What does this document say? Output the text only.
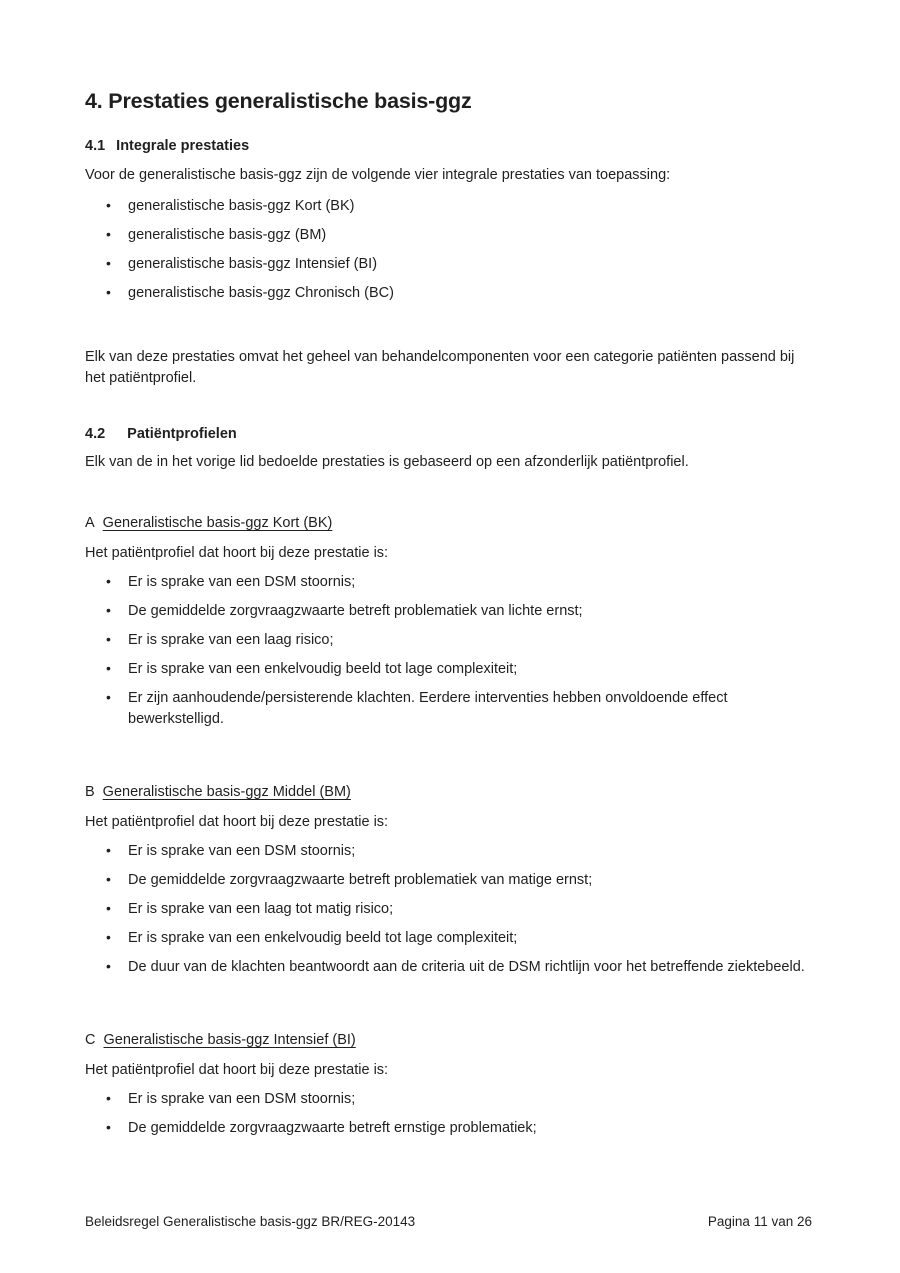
4. Prestaties generalistische basis-ggz
4.1 Integrale prestaties

Voor de generalistische basis-ggz zijn de volgende vier integrale prestaties van toepassing:

• generalistische basis-ggz Kort (BK)
• generalistische basis-ggz (BM)
• generalistische basis-ggz Intensief (BI)
• generalistische basis-ggz Chronisch (BC)

Elk van deze prestaties omvat het geheel van behandelcomponenten voor een categorie patiënten passend bij het patiëntprofiel.

4.2 Patiëntprofielen

Elk van de in het vorige lid bedoelde prestaties is gebaseerd op een afzonderlijk patiëntprofiel.

A Generalistische basis-ggz Kort (BK)

Het patiëntprofiel dat hoort bij deze prestatie is:

• Er is sprake van een DSM stoornis;
• De gemiddelde zorgvraagzwaarte betreft problematiek van lichte ernst;
• Er is sprake van een laag risico;
• Er is sprake van een enkelvoudig beeld tot lage complexiteit;
• Er zijn aanhoudende/persisterende klachten. Eerdere interventies hebben onvoldoende effect bewerkstelligd.
B Generalistische basis-ggz Middel (BM)

Het patiëntprofiel dat hoort bij deze prestatie is:

• Er is sprake van een DSM stoornis;
• De gemiddelde zorgvraagzwaarte betreft problematiek van matige ernst;
• Er is sprake van een laag tot matig risico;
• Er is sprake van een enkelvoudig beeld tot lage complexiteit;
• De duur van de klachten beantwoordt aan de criteria uit de DSM richtlijn voor het betreffende ziektebeeld.
C Generalistische basis-ggz Intensief (BI)

Het patiëntprofiel dat hoort bij deze prestatie is:

• Er is sprake van een DSM stoornis;
• De gemiddelde zorgvraagzwaarte betreft ernstige problematiek;
Beleidsregel Generalistische basis-ggz BR/REG-20143	Pagina 11 van 26
